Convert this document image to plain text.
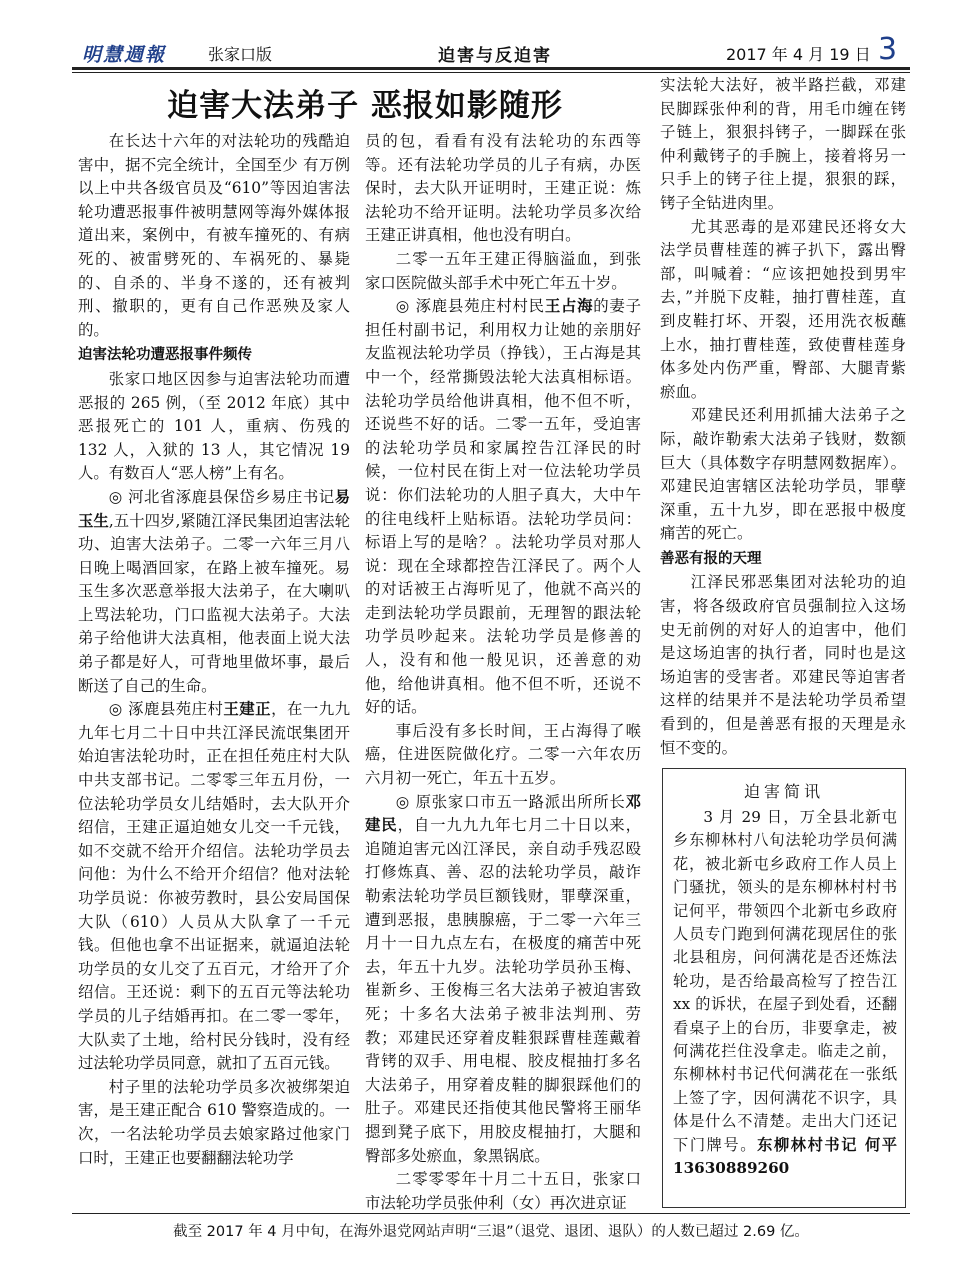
明慧週報	张家口版	迫害与反迫害	2017 年 4 月 19 日 3
迫害大法弟子 恶报如影随形

在长达十六年的对法轮功的残酷迫害中，据不完全统计，全国至少 有万例以上中共各级官员及“610”等因迫害法轮功遭恶报事件被明慧网等海外媒体报道出来，案例中，有被车撞死的、有病死的、被雷劈死的、车祸死的、暴毙的、自杀的、半身不遂的，还有被判刑、撤职的，更有自己作恶殃及家人的。

迫害法轮功遭恶报事件频传

张家口地区因参与迫害法轮功而遭恶报的 265 例，（至 2012 年底）其中恶报死亡的 101 人，重病、伤残的 132 人，入狱的 13 人，其它情况 19 人。有数百人“恶人榜”上有名。

◎ 河北省涿鹿县保岱乡易庄书记易玉生,五十四岁,紧随江泽民集团迫害法轮功、迫害大法弟子。二零一六年三月八日晚上喝酒回家，在路上被车撞死。易玉生多次恶意举报大法弟子，在大喇叭上骂法轮功，门口监视大法弟子。大法弟子给他讲大法真相，他表面上说大法弟子都是好人，可背地里做坏事，最后断送了自己的生命。

◎ 涿鹿县苑庄村王建正，在一九九九年七月二十日中共江泽民流氓集团开始迫害法轮功时，正在担任苑庄村大队中共支部书记。二零零三年五月份，一位法轮功学员女儿结婚时，去大队开介绍信，王建正逼迫她女儿交一千元钱，如不交就不给开介绍信。法轮功学员去问他：为什么不给开介绍信？他对法轮功学员说：你被劳教时，县公安局国保大队（610）人员从大队拿了一千元钱。但他也拿不出证据来，就逼迫法轮功学员的女儿交了五百元，才给开了介绍信。王还说：剩下的五百元等法轮功学员的儿子结婚再扣。在二零一零年，大队卖了土地，给村民分钱时，没有经过法轮功学员同意，就扣了五百元钱。

村子里的法轮功学员多次被绑架迫害，是王建正配合 610 警察造成的。一次，一名法轮功学员去娘家路过他家门口时，王建正也要翻翻法轮功学

员的包，看看有没有法轮功的东西等等。还有法轮功学员的儿子有病，办医保时，去大队开证明时，王建正说：炼法轮功不给开证明。法轮功学员多次给王建正讲真相，他也没有明白。

二零一五年王建正得脑溢血，到张家口医院做头部手术中死亡年五十岁。

◎ 涿鹿县苑庄村村民王占海的妻子担任村副书记，利用权力让她的亲朋好友监视法轮功学员（挣钱），王占海是其中一个，经常撕毁法轮大法真相标语。法轮功学员给他讲真相，他不但不听，还说些不好的话。二零一五年，受迫害的法轮功学员和家属控告江泽民的时候，一位村民在街上对一位法轮功学员说：你们法轮功的人胆子真大，大中午的往电线杆上贴标语。法轮功学员问：标语上写的是啥？。法轮功学员对那人说：现在全球都控告江泽民了。两个人的对话被王占海听见了，他就不高兴的走到法轮功学员跟前，无理智的跟法轮功学员吵起来。法轮功学员是修善的人，没有和他一般见识，还善意的劝他，给他讲真相。他不但不听，还说不好的话。

事后没有多长时间，王占海得了喉癌，住进医院做化疗。二零一六年农历六月初一死亡，年五十五岁。

◎ 原张家口市五一路派出所所长邓建民，自一九九九年七月二十日以来，追随迫害元凶江泽民，亲自动手残忍殴打修炼真、善、忍的法轮功学员，敲诈勒索法轮功学员巨额钱财，罪孽深重，遭到恶报，患胰腺癌，于二零一六年三月十一日九点左右，在极度的痛苦中死去，年五十九岁。法轮功学员孙玉梅、崔新乡、王俊梅三名大法弟子被迫害致死；十多名大法弟子被非法判刑、劳教；邓建民还穿着皮鞋狠踩曹桂莲戴着背铐的双手、用电棍、胶皮棍抽打多名大法弟子，用穿着皮鞋的脚狠踩他们的肚子。邓建民还指使其他民警将王丽华摁到凳子底下，用胶皮棍抽打，大腿和臀部多处瘀血，象黑锅底。

二零零零年十月二十五日，张家口市法轮功学员张仲利（女）再次进京证

实法轮大法好，被半路拦截，邓建民脚踩张仲利的背，用毛巾缠在铐子链上，狠狠抖铐子，一脚踩在张仲利戴铐子的手腕上，接着将另一只手上的铐子往上提，狠狠的踩，铐子全钻进肉里。

尤其恶毒的是邓建民还将女大法学员曹桂莲的裤子扒下，露出臀部，叫喊着：“应该把她投到男牢去，”并脱下皮鞋，抽打曹桂莲，直到皮鞋打坏、开裂，还用洗衣板蘸上水，抽打曹桂莲，致使曹桂莲身体多处内伤严重，臀部、大腿青紫瘀血。

邓建民还利用抓捕大法弟子之际，敲诈勒索大法弟子钱财，数额巨大（具体数字存明慧网数据库）。邓建民迫害辖区法轮功学员，罪孽深重，五十九岁，即在恶报中极度痛苦的死亡。

善恶有报的天理

江泽民邪恶集团对法轮功的迫害，将各级政府官员强制拉入这场史无前例的对好人的迫害中，他们是这场迫害的执行者，同时也是这场迫害的受害者。邓建民等迫害者这样的结果并不是法轮功学员希望看到的，但是善恶有报的天理是永恒不变的。

迫害简讯

3 月 29 日，万全县北新屯乡东柳林村八旬法轮功学员何满花，被北新屯乡政府工作人员上门骚扰，领头的是东柳林村村书记何平，带领四个北新屯乡政府人员专门跑到何满花现居住的张北县租房，问何满花是否还炼法轮功，是否给最高检写了控告江 xx 的诉状，在屋子到处看，还翻看桌子上的台历，非要拿走，被何满花拦住没拿走。临走之前，东柳林村书记代何满花在一张纸上签了字，因何满花不识字，具体是什么不清楚。走出大门还记下门牌号。东柳林村书记 何平 13630889260

截至 2017 年 4 月中旬，在海外退党网站声明“三退”（退党、退团、退队）的人数已超过 2.69 亿。
